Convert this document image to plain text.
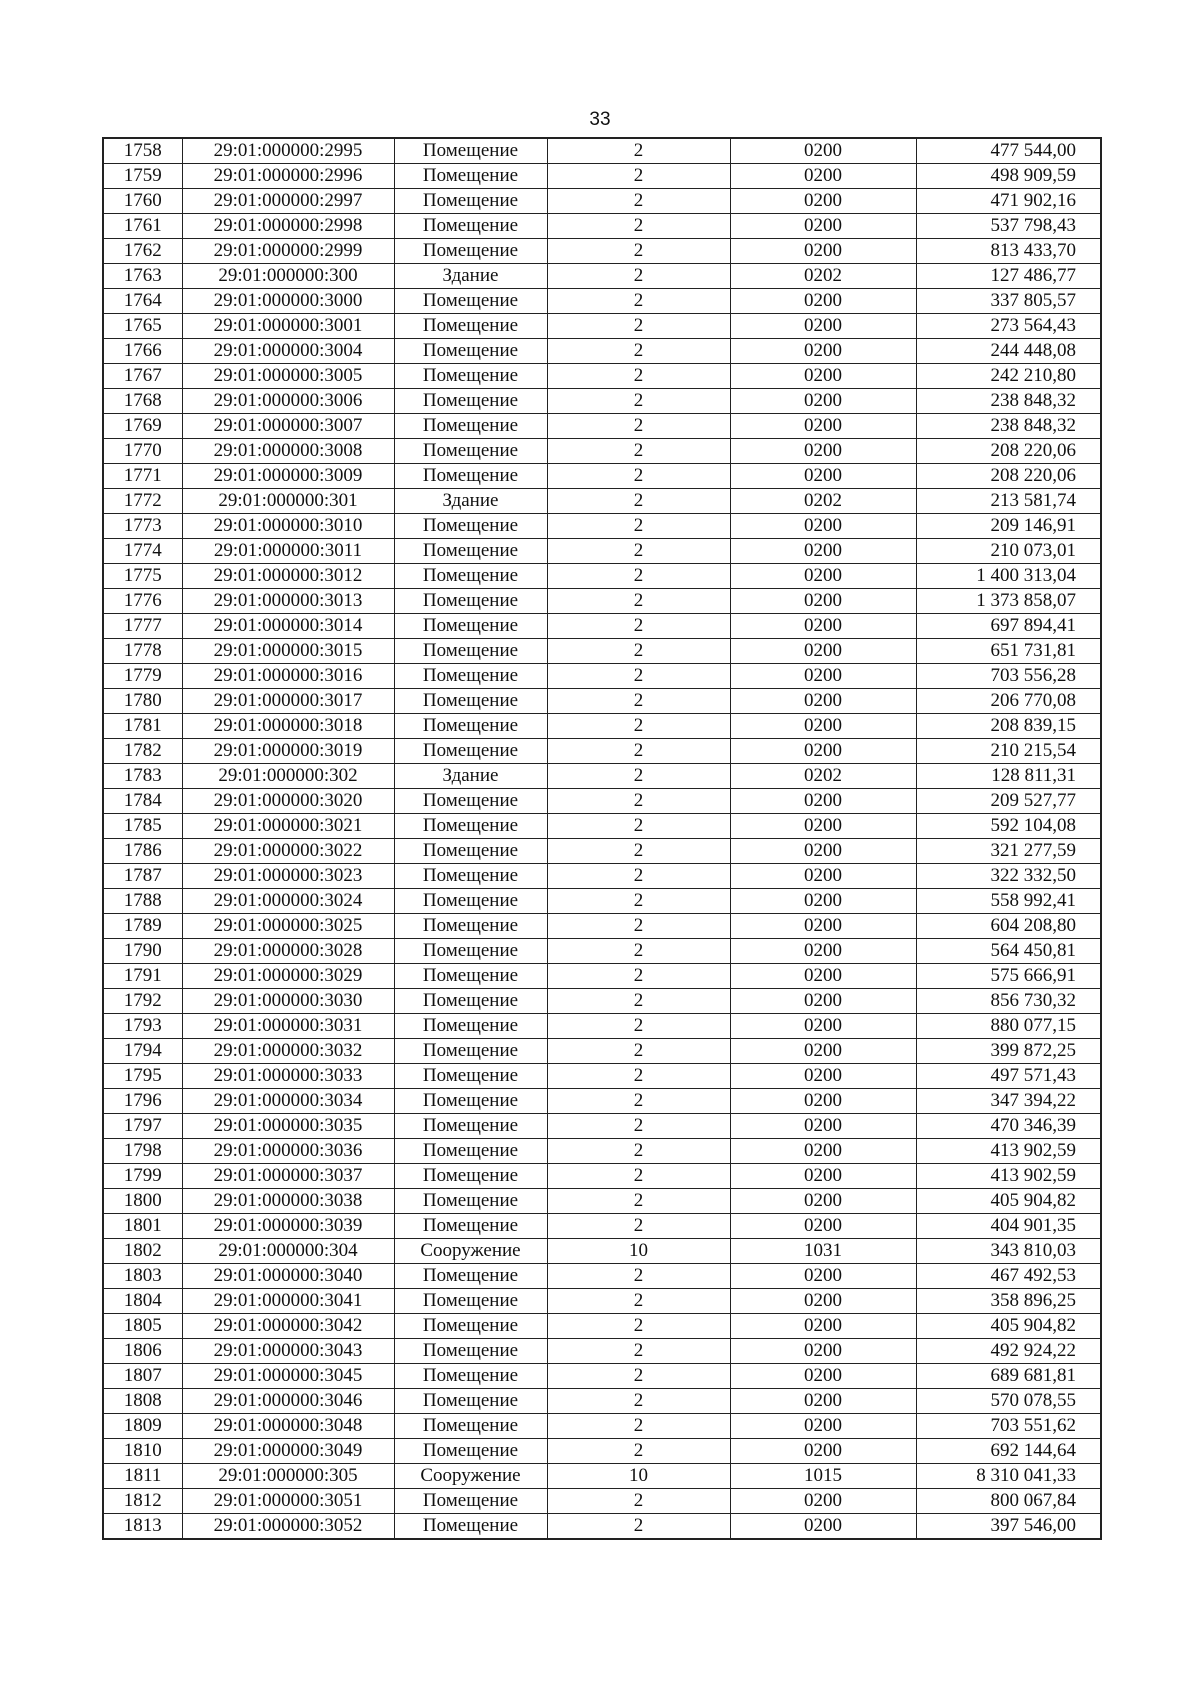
33
1758	29:01:000000:2995	Помещение	2	0200	477 544,00
1759	29:01:000000:2996	Помещение	2	0200	498 909,59
1760	29:01:000000:2997	Помещение	2	0200	471 902,16
1761	29:01:000000:2998	Помещение	2	0200	537 798,43
1762	29:01:000000:2999	Помещение	2	0200	813 433,70
1763	29:01:000000:300	Здание	2	0202	127 486,77
1764	29:01:000000:3000	Помещение	2	0200	337 805,57
1765	29:01:000000:3001	Помещение	2	0200	273 564,43
1766	29:01:000000:3004	Помещение	2	0200	244 448,08
1767	29:01:000000:3005	Помещение	2	0200	242 210,80
1768	29:01:000000:3006	Помещение	2	0200	238 848,32
1769	29:01:000000:3007	Помещение	2	0200	238 848,32
1770	29:01:000000:3008	Помещение	2	0200	208 220,06
1771	29:01:000000:3009	Помещение	2	0200	208 220,06
1772	29:01:000000:301	Здание	2	0202	213 581,74
1773	29:01:000000:3010	Помещение	2	0200	209 146,91
1774	29:01:000000:3011	Помещение	2	0200	210 073,01
1775	29:01:000000:3012	Помещение	2	0200	1 400 313,04
1776	29:01:000000:3013	Помещение	2	0200	1 373 858,07
1777	29:01:000000:3014	Помещение	2	0200	697 894,41
1778	29:01:000000:3015	Помещение	2	0200	651 731,81
1779	29:01:000000:3016	Помещение	2	0200	703 556,28
1780	29:01:000000:3017	Помещение	2	0200	206 770,08
1781	29:01:000000:3018	Помещение	2	0200	208 839,15
1782	29:01:000000:3019	Помещение	2	0200	210 215,54
1783	29:01:000000:302	Здание	2	0202	128 811,31
1784	29:01:000000:3020	Помещение	2	0200	209 527,77
1785	29:01:000000:3021	Помещение	2	0200	592 104,08
1786	29:01:000000:3022	Помещение	2	0200	321 277,59
1787	29:01:000000:3023	Помещение	2	0200	322 332,50
1788	29:01:000000:3024	Помещение	2	0200	558 992,41
1789	29:01:000000:3025	Помещение	2	0200	604 208,80
1790	29:01:000000:3028	Помещение	2	0200	564 450,81
1791	29:01:000000:3029	Помещение	2	0200	575 666,91
1792	29:01:000000:3030	Помещение	2	0200	856 730,32
1793	29:01:000000:3031	Помещение	2	0200	880 077,15
1794	29:01:000000:3032	Помещение	2	0200	399 872,25
1795	29:01:000000:3033	Помещение	2	0200	497 571,43
1796	29:01:000000:3034	Помещение	2	0200	347 394,22
1797	29:01:000000:3035	Помещение	2	0200	470 346,39
1798	29:01:000000:3036	Помещение	2	0200	413 902,59
1799	29:01:000000:3037	Помещение	2	0200	413 902,59
1800	29:01:000000:3038	Помещение	2	0200	405 904,82
1801	29:01:000000:3039	Помещение	2	0200	404 901,35
1802	29:01:000000:304	Сооружение	10	1031	343 810,03
1803	29:01:000000:3040	Помещение	2	0200	467 492,53
1804	29:01:000000:3041	Помещение	2	0200	358 896,25
1805	29:01:000000:3042	Помещение	2	0200	405 904,82
1806	29:01:000000:3043	Помещение	2	0200	492 924,22
1807	29:01:000000:3045	Помещение	2	0200	689 681,81
1808	29:01:000000:3046	Помещение	2	0200	570 078,55
1809	29:01:000000:3048	Помещение	2	0200	703 551,62
1810	29:01:000000:3049	Помещение	2	0200	692 144,64
1811	29:01:000000:305	Сооружение	10	1015	8 310 041,33
1812	29:01:000000:3051	Помещение	2	0200	800 067,84
1813	29:01:000000:3052	Помещение	2	0200	397 546,00
